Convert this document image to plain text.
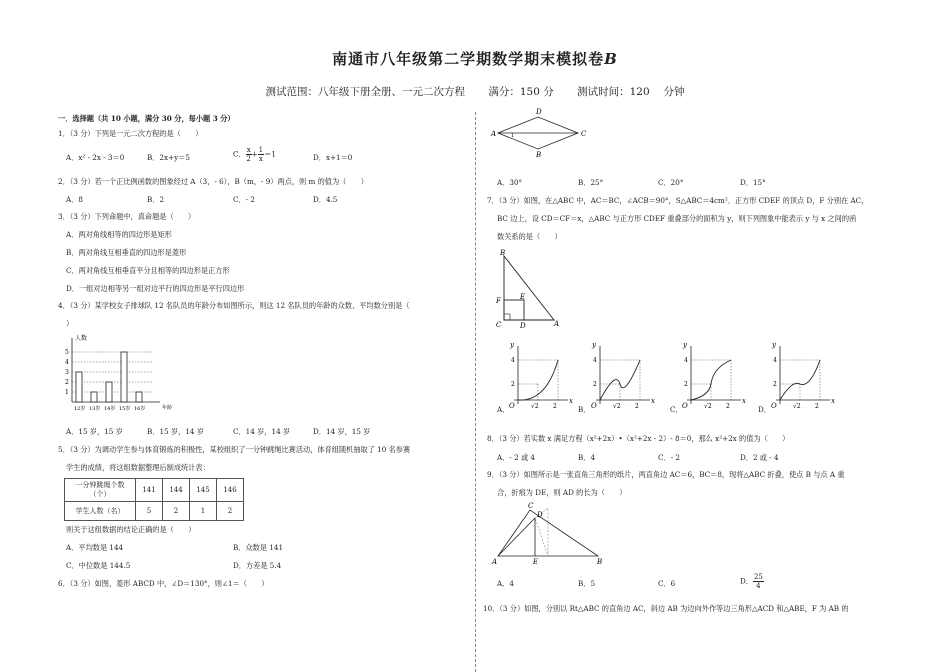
南通市八年级第二学期数学期末模拟卷B
测试范围：八年级下册全册、一元二次方程 满分：150 分 测试时间：120　 分钟
一．选择题（共 10 小题，满分 30 分，每小题 3 分）
1．（3 分）下列是一元二次方程的是（　　）
A．x² - 2x - 3＝0	B．2x+y＝5	C． $\frac{x}{2}+ \frac{1}{x}=1$	D．x+1＝0
2．（3 分）若一个正比例函数的图象经过 A（3，- 6），B（m，- 9）两点，则 m 的值为（　　）
A．8	B．2	C．- 2	D．4.5
3．（3 分）下列命题中，真命题是（　　）
A．两对角线相等的四边形是矩形
B．两对角线互相垂直的四边形是菱形
C．两对角线互相垂直平分且相等的四边形是正方形
D．一组对边相等另一组对边平行的四边形是平行四边形
4．（3 分）某学校女子排球队 12 名队员的年龄分布如图所示，则这 12 名队员的年龄的众数、平均数分别是（
）
人数
年龄
1
2
3
4
5
12岁 13岁 14岁 15岁 16岁
A．15 岁，15 岁	B．15 岁，14 岁	C．14 岁，14 岁	D．14 岁，15 岁
5．（3 分）为调动学生参与体育锻炼的积极性，某校组织了一分钟跳绳比赛活动，体育组随机抽取了 10 名参赛
学生的成绩，将这组数据整理后制成统计表：
一分钟跳绳个数
（个）	141	144	145	146
学生人数（名）	5	2	1	2
则关于这组数据的结论正确的是（　　）
A．平均数是 144	B．众数是 141
C．中位数是 144.5	D．方差是 5.4
6．（3 分）如图，菱形 ABCD 中，∠D＝130°，则∠1＝（　　）
A
D
C
B
1
A．30°	B．25°	C．20°	D．15°
7．（3 分）如图，在△ABC 中，AC＝BC，∠ACB＝90°，S△ABC＝4cm²．正方形 CDEF 的顶点 D，F 分别在 AC，
BC 边上，设 CD＝CF＝x，△ABC 与正方形 CDEF 重叠部分的面积为 y，则下列图象中能表示 y 与 x 之间的函
数关系的是（　　）
B
F	E
C	D	A
y
x
O
4
2
√2 2
y
x
O
4
2
√2 2
y
x
O
4
2
√2 2
y
x
O
4
2
√2 2
A．	B．	C．	D．
8．（3 分）若实数 x 满足方程（x²+2x）•（x²+2x - 2）- 8＝0，那么 x²+2x 的值为（　　）
A．- 2 或 4	B．4	C．- 2	D．2 或 - 4
9．（3 分）如图所示是一张直角三角形的纸片，两直角边 AC＝6，BC＝8，现将△ABC 折叠，使点 B 与点 A 重
合，折痕为 DE，则 AD 的长为（　　）
C
D
A	E	B
A．4	B．5	C．6	D． $\frac{25}{4}$
10．（3 分）如图，分别以 Rt△ABC 的直角边 AC，斜边 AB 为边向外作等边三角形△ACD 和△ABE，F 为 AB 的
